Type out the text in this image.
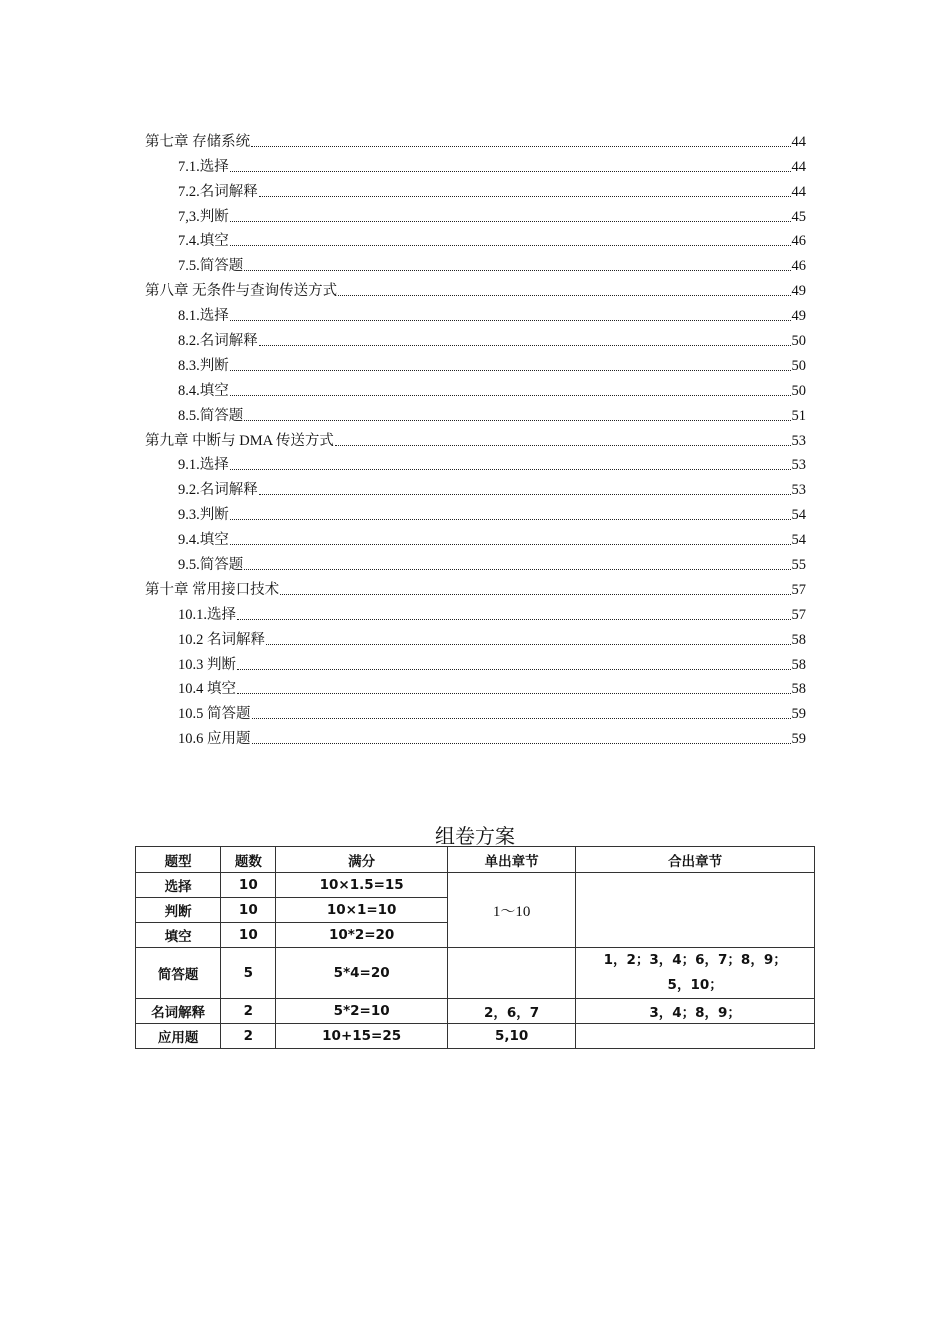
第七章 存储系统	44
7.1.选择	44
7.2.名词解释	44
7,3.判断	45
7.4.填空	46
7.5.简答题	46
第八章 无条件与查询传送方式	49
8.1.选择	49
8.2.名词解释	50
8.3.判断	50
8.4.填空	50
8.5.简答题	51
第九章 中断与 DMA 传送方式	53
9.1.选择	53
9.2.名词解释	53
9.3.判断	54
9.4.填空	54
9.5.简答题	55
第十章 常用接口技术	57
10.1.选择	57
10.2 名词解释	58
10.3 判断	58
10.4 填空	58
10.5 简答题	59
10.6 应用题	59
组卷方案
题型	题数	满分	单出章节	合出章节
选择	10	10×1.5=15	1～10	
判断	10	10×1=10		
填空	10	10*2=20		
简答题	5	5*4=20		1，2；3，4；6，7；8，9；
5，10；

名词解释	2	5*2=10	2，6，7	3，4；8，9；
应用题	2	10+15=25	5,10	
